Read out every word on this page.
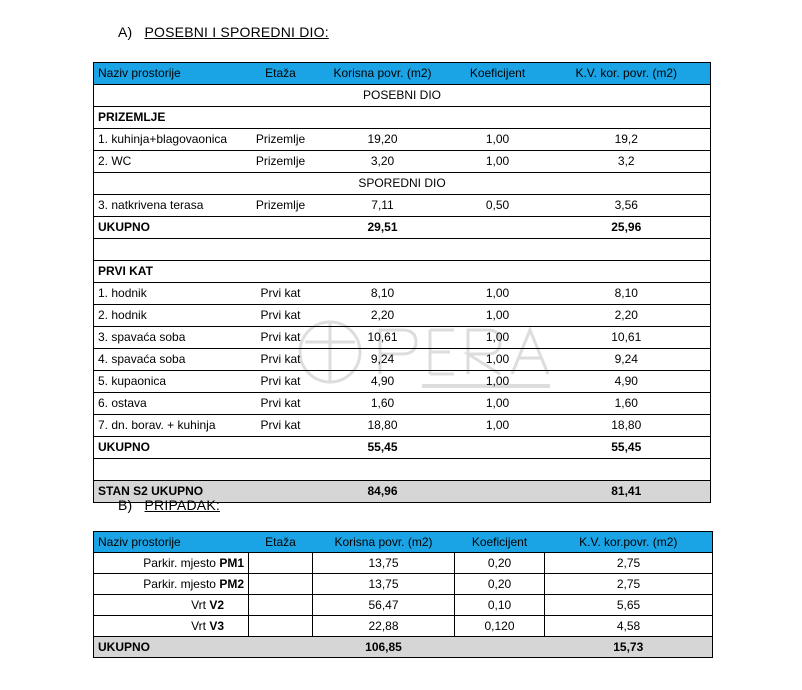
A) POSEBNI I SPOREDNI DIO:
Naziv prostorije	Etaža	Korisna povr. (m2)	Koeficijent	K.V. kor. povr. (m2)
POSEBNI DIO				
PRIZEMLJE				
1. kuhinja+blagovaonica	Prizemlje	19,20	1,00	19,2
2. WC	Prizemlje	3,20	1,00	3,2
SPOREDNI DIO				
3. natkrivena terasa	Prizemlje	7,11	0,50	3,56
UKUPNO		29,51		25,96

PRVI KAT				
1. hodnik	Prvi kat	8,10	1,00	8,10
2. hodnik	Prvi kat	2,20	1,00	2,20
3. spavaća soba	Prvi kat	10,61	1,00	10,61
4. spavaća soba	Prvi kat	9,24	1,00	9,24
5. kupaonica	Prvi kat	4,90	1,00	4,90
6. ostava	Prvi kat	1,60	1,00	1,60
7. dn. borav. + kuhinja	Prvi kat	18,80	1,00	18,80
UKUPNO		55,45		55,45

STAN S2 UKUPNO		84,96		81,41
B) PRIPADAK:
Naziv prostorije	Etaža	Korisna povr. (m2)	Koeficijent	K.V. kor.povr. (m2)
Parkir. mjesto PM1		13,75	0,20	2,75
Parkir. mjesto PM2		13,75	0,20	2,75
Vrt V2		56,47	0,10	5,65
Vrt V3		22,88	0,120	4,58
UKUPNO		106,85		15,73
